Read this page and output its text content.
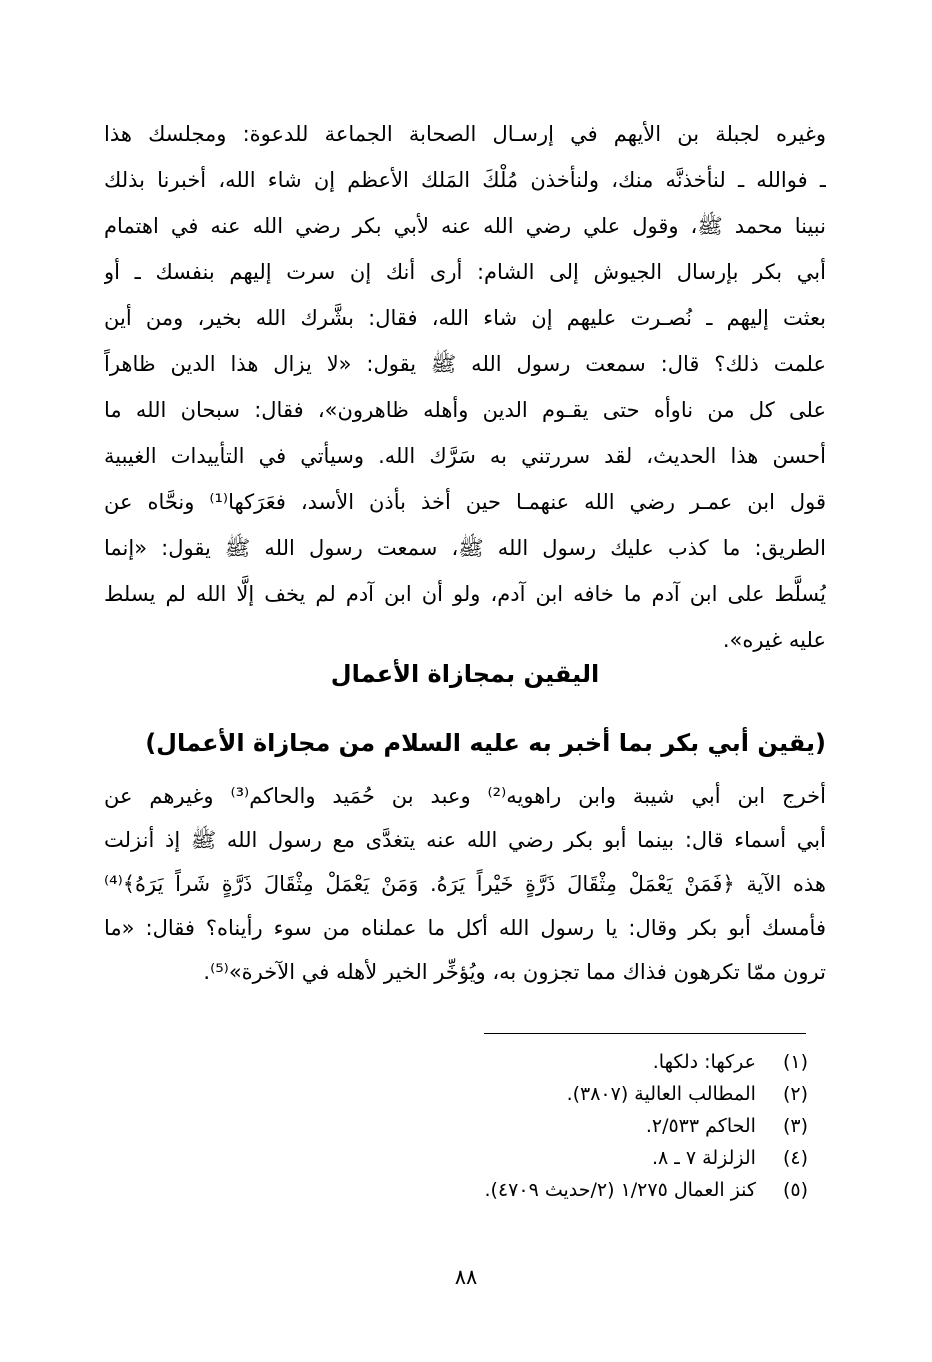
وغيره لجبلة بن الأيهم في إرسـال الصحابة الجماعة للدعوة: ومجلسك هذا
ـ فوالله ـ لنأخذنَّه منك، ولنأخذن مُلْكَ المَلك الأعظم إن شاء الله، أخبرنا بذلك
نبينا محمد ﷺ، وقول علي رضي الله عنه لأبي بكر رضي الله عنه في اهتمام
أبي بكر بإرسال الجيوش إلى الشام: أرى أنك إن سرت إليهم بنفسك ـ أو
بعثت إليهم ـ نُصـرت عليهم إن شاء الله، فقال: بشَّرك الله بخير، ومن أين
علمت ذلك؟ قال: سمعت رسول الله ﷺ يقول: «لا يزال هذا الدين ظاهراً
على كل من ناوأه حتى يقـوم الدين وأهله ظاهرون»، فقال: سبحان الله ما
أحسن هذا الحديث، لقد سررتني به سَرَّك الله. وسيأتي في التأييدات الغيبية
قول ابن عمـر رضي الله عنهمـا حين أخذ بأذن الأسد، فعَرَكها⁽¹⁾ ونحَّاه عن
الطريق: ما كذب عليك رسول الله ﷺ، سمعت رسول الله ﷺ يقول: «إنما
يُسلَّط على ابن آدم ما خافه ابن آدم، ولو أن ابن آدم لم يخف إلَّا الله لم يسلط
عليه غيره».
اليقين بمجازاة الأعمال
(يقين أبي بكر بما أخبر به عليه السلام من مجازاة الأعمال)
أخرج ابن أبي شيبة وابن راهويه⁽²⁾ وعبد بن حُمَيد والحاكم⁽³⁾ وغيرهم عن
أبي أسماء قال: بينما أبو بكر رضي الله عنه يتغدَّى مع رسول الله ﷺ إذ أنزلت
هذه الآية ﴿فَمَنْ يَعْمَلْ مِثْقَالَ ذَرَّةٍ خَيْراً يَرَهُ. وَمَنْ يَعْمَلْ مِثْقَالَ ذَرَّةٍ شَراً يَرَهُ﴾⁽⁴⁾
فأمسك أبو بكر وقال: يا رسول الله أكل ما عملناه من سوء رأيناه؟ فقال: «ما
ترون ممّا تكرهون فذاك مما تجزون به، ويُؤخِّر الخير لأهله في الآخرة»⁽⁵⁾.
(١) عركها: دلكها.
(٢) المطالب العالية (٣٨٠٧).
(٣) الحاكم ٢/٥٣٣.
(٤) الزلزلة ٧ ـ ٨.
(٥) كنز العمال ١/٢٧٥ (٢/حديث ٤٧٠٩).
٨٨
